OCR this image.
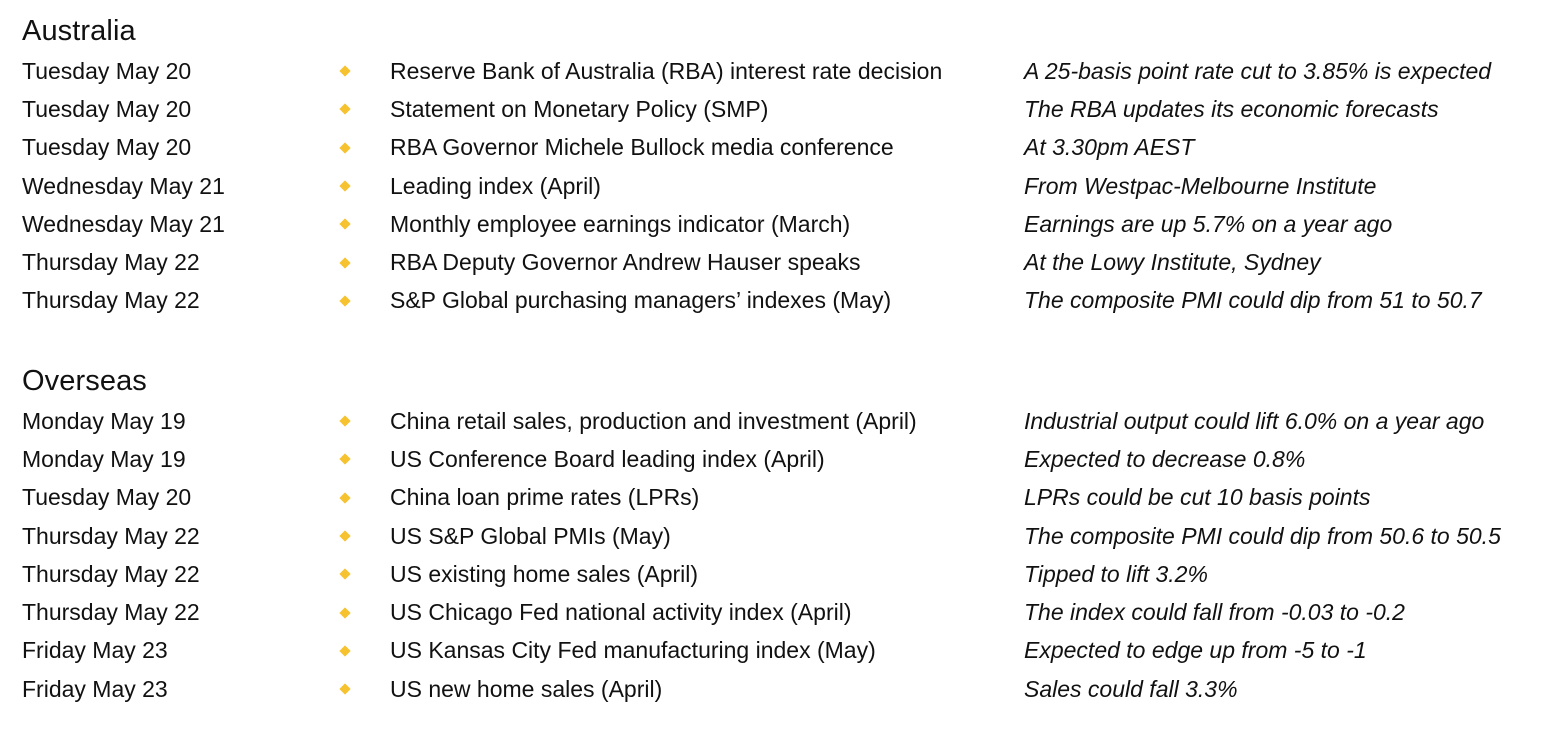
Australia
Tuesday May 20	Reserve Bank of Australia (RBA) interest rate decision	A 25-basis point rate cut to 3.85% is expected
Tuesday May 20	Statement on Monetary Policy (SMP)	The RBA updates its economic forecasts
Tuesday May 20	RBA Governor Michele Bullock media conference	At 3.30pm AEST
Wednesday May 21	Leading index (April)	From Westpac-Melbourne Institute
Wednesday May 21	Monthly employee earnings indicator (March)	Earnings are up 5.7% on a year ago
Thursday May 22	RBA Deputy Governor Andrew Hauser speaks	At the Lowy Institute, Sydney
Thursday May 22	S&P Global purchasing managers’ indexes (May)	The composite PMI could dip from 51 to 50.7
Overseas
Monday May 19	China retail sales, production and investment (April)	Industrial output could lift 6.0% on a year ago
Monday May 19	US Conference Board leading index (April)	Expected to decrease 0.8%
Tuesday May 20	China loan prime rates (LPRs)	LPRs could be cut 10 basis points
Thursday May 22	US S&P Global PMIs (May)	The composite PMI could dip from 50.6 to 50.5
Thursday May 22	US existing home sales (April)	Tipped to lift 3.2%
Thursday May 22	US Chicago Fed national activity index (April)	The index could fall from -0.03 to -0.2
Friday May 23	US Kansas City Fed manufacturing index (May)	Expected to edge up from -5 to -1
Friday May 23	US new home sales (April)	Sales could fall 3.3%
